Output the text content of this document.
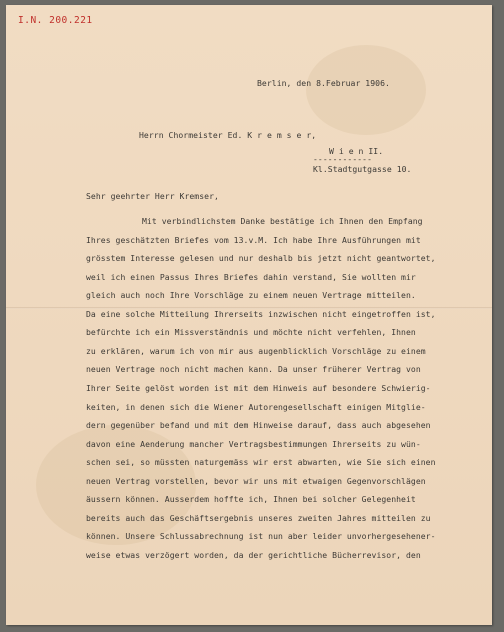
I.N. 200.221
Berlin, den 8.Februar 1906.
Herrn Chormeister Ed. K r e m s e r,
W i e n II.
------------
Kl.Stadtgutgasse 10.
Sehr geehrter Herr Kremser,
Mit verbindlichstem Danke bestätige ich Ihnen den Empfang
Ihres geschätzten Briefes vom 13.v.M. Ich habe Ihre Ausführungen mit
grösstem Interesse gelesen und nur deshalb bis jetzt nicht geantwortet,
weil ich einen Passus Ihres Briefes dahin verstand, Sie wollten mir
gleich auch noch Ihre Vorschläge zu einem neuen Vertrage mitteilen.
Da eine solche Mitteilung Ihrerseits inzwischen nicht eingetroffen ist,
befürchte ich ein Missverständnis und möchte nicht verfehlen, Ihnen
zu erklären, warum ich von mir aus augenblicklich Vorschläge zu einem
neuen Vertrage noch nicht machen kann. Da unser früherer Vertrag von
Ihrer Seite gelöst worden ist mit dem Hinweis auf besondere Schwierig-
keiten, in denen sich die Wiener Autorengesellschaft einigen Mitglie-
dern gegenüber befand und mit dem Hinweise darauf, dass auch abgesehen
davon eine Aenderung mancher Vertragsbestimmungen Ihrerseits zu wün-
schen sei, so müssten naturgemäss wir erst abwarten, wie Sie sich einen
neuen Vertrag vorstellen, bevor wir uns mit etwaigen Gegenvorschlägen
äussern können. Ausserdem hoffte ich, Ihnen bei solcher Gelegenheit
bereits auch das Geschäftsergebnis unseres zweiten Jahres mitteilen zu
können. Unsere Schlussabrechnung ist nun aber leider unvorhergesehener-
weise etwas verzögert worden, da der gerichtliche Bücherrevisor, den
